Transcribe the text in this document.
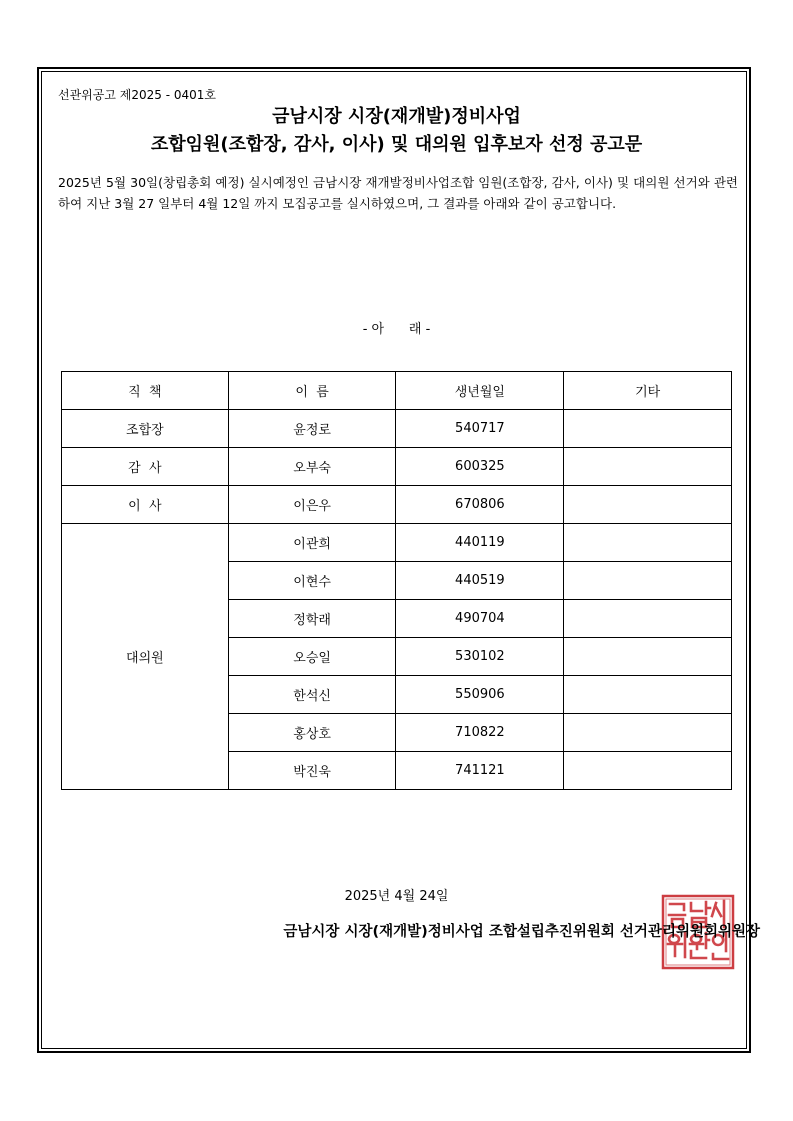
선관위공고 제2025 - 0401호
금남시장 시장(재개발)정비사업
조합임원(조합장, 감사, 이사) 및 대의원 입후보자 선정 공고문
2025년 5월 30일(창립총회 예정) 실시예정인 금남시장 재개발정비사업조합 임원(조합장, 감사, 이사) 및 대의원 선거와 관련하여 지난 3월 27 일부터 4월 12일 까지 모집공고를 실시하였으며, 그 결과를 아래와 같이 공고합니다.
- 아      래 -
직  책	이  름	생년월일	기타
조합장	윤정로	540717	
감  사	오부숙	600325	
이  사	이은우	670806	
대의원	이관희	440119	
	이현수	440519	
	정학래	490704	
	오승일	530102	
	한석신	550906	
	홍상호	710822	
	박진욱	741121	
2025년 4월 24일
금남시장 시장(재개발)정비사업 조합설립추진위원회 선거관리위원회위원장
